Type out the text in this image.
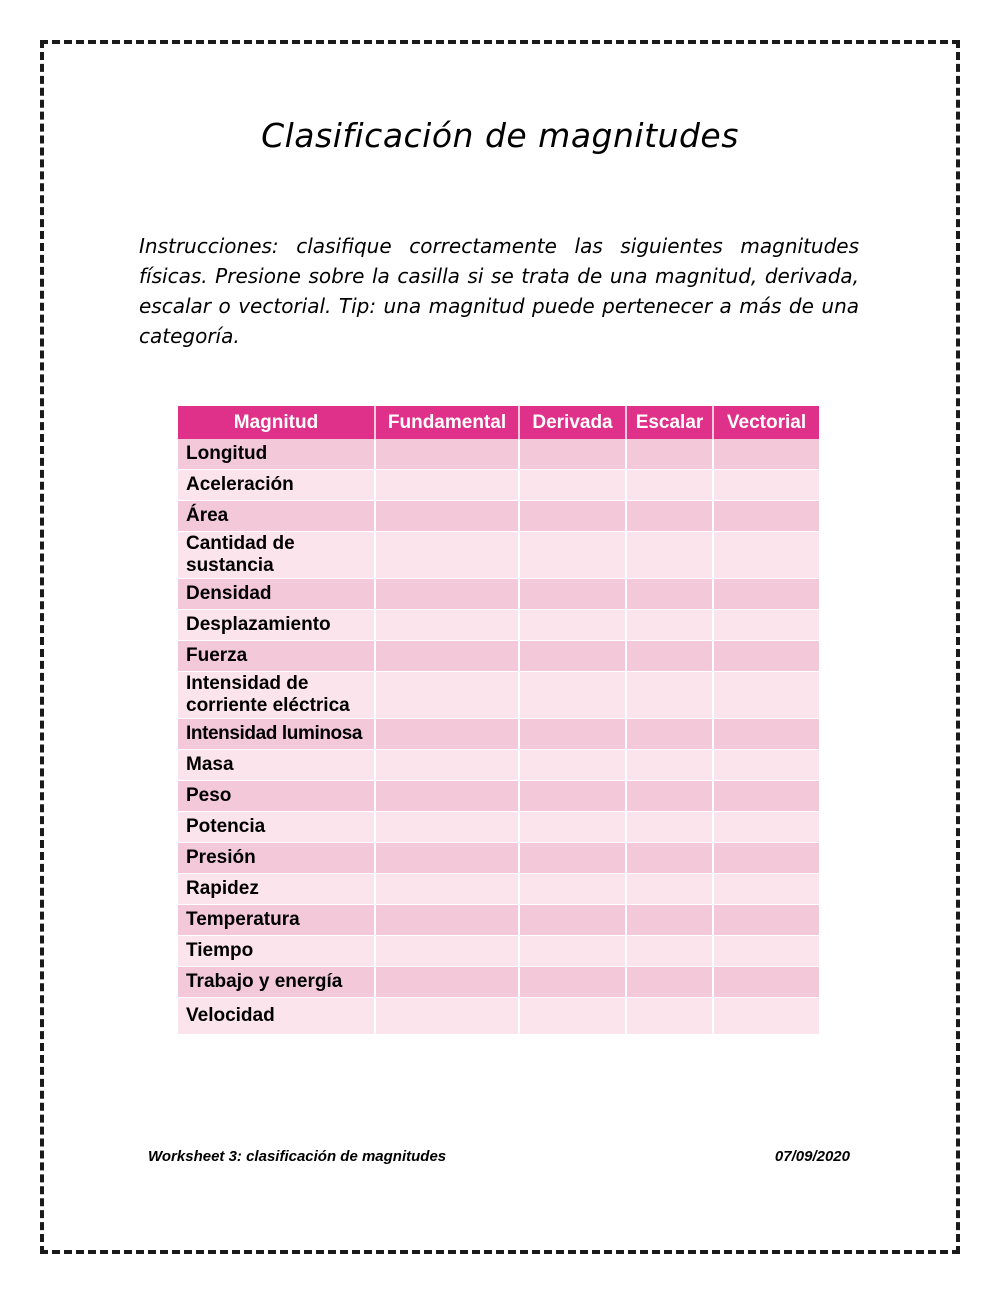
Clasificación de magnitudes
Instrucciones: clasifique correctamente las siguientes magnitudes físicas. Presione sobre la casilla si se trata de una magnitud, derivada, escalar o vectorial. Tip: una magnitud puede pertenecer a más de una categoría.
Magnitud	Fundamental	Derivada	Escalar	Vectorial
Longitud				
Aceleración				
Área				
Cantidad de sustancia				
Densidad				
Desplazamiento				
Fuerza				
Intensidad de corriente eléctrica				
Intensidad luminosa				
Masa				
Peso				
Potencia				
Presión				
Rapidez				
Temperatura				
Tiempo				
Trabajo y energía				
Velocidad				
Worksheet 3: clasificación de magnitudes	07/09/2020
